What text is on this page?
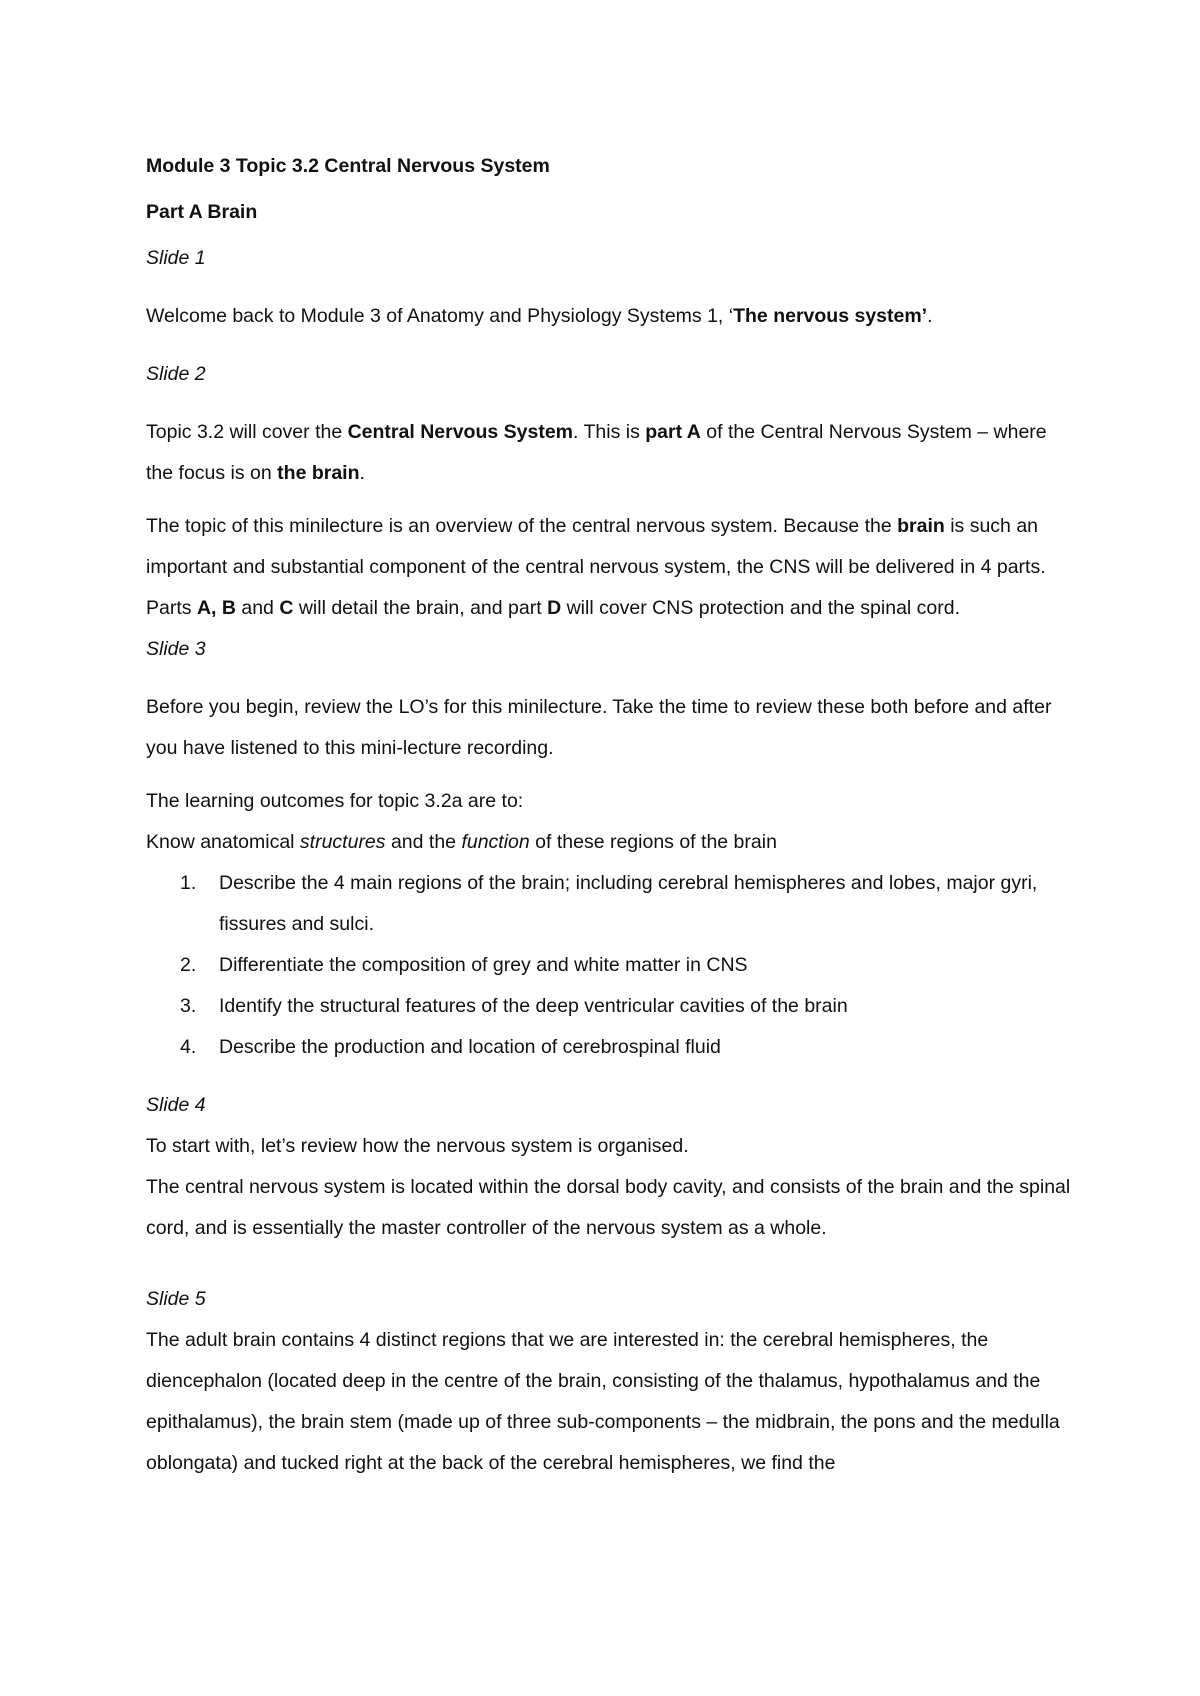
Module 3 Topic 3.2 Central Nervous System

Part A Brain

Slide 1

Welcome back to Module 3 of Anatomy and Physiology Systems 1, ‘The nervous system’.

Slide 2

Topic 3.2 will cover the Central Nervous System. This is part A of the Central Nervous System – where the focus is on the brain.

The topic of this minilecture is an overview of the central nervous system. Because the brain is such an important and substantial component of the central nervous system, the CNS will be delivered in 4 parts. Parts A, B and C will detail the brain, and part D will cover CNS protection and the spinal cord.

Slide 3

Before you begin, review the LO’s for this minilecture. Take the time to review these both before and after you have listened to this mini-lecture recording.

The learning outcomes for topic 3.2a are to:

Know anatomical structures and the function of these regions of the brain

1. Describe the 4 main regions of the brain; including cerebral hemispheres and lobes, major gyri, fissures and sulci.
2. Differentiate the composition of grey and white matter in CNS
3. Identify the structural features of the deep ventricular cavities of the brain
4. Describe the production and location of cerebrospinal fluid

Slide 4

To start with, let’s review how the nervous system is organised.

The central nervous system is located within the dorsal body cavity, and consists of the brain and the spinal cord, and is essentially the master controller of the nervous system as a whole.

Slide 5

The adult brain contains 4 distinct regions that we are interested in: the cerebral hemispheres, the diencephalon (located deep in the centre of the brain, consisting of the thalamus, hypothalamus and the epithalamus), the brain stem (made up of three sub-components – the midbrain, the pons and the medulla oblongata) and tucked right at the back of the cerebral hemispheres, we find the
